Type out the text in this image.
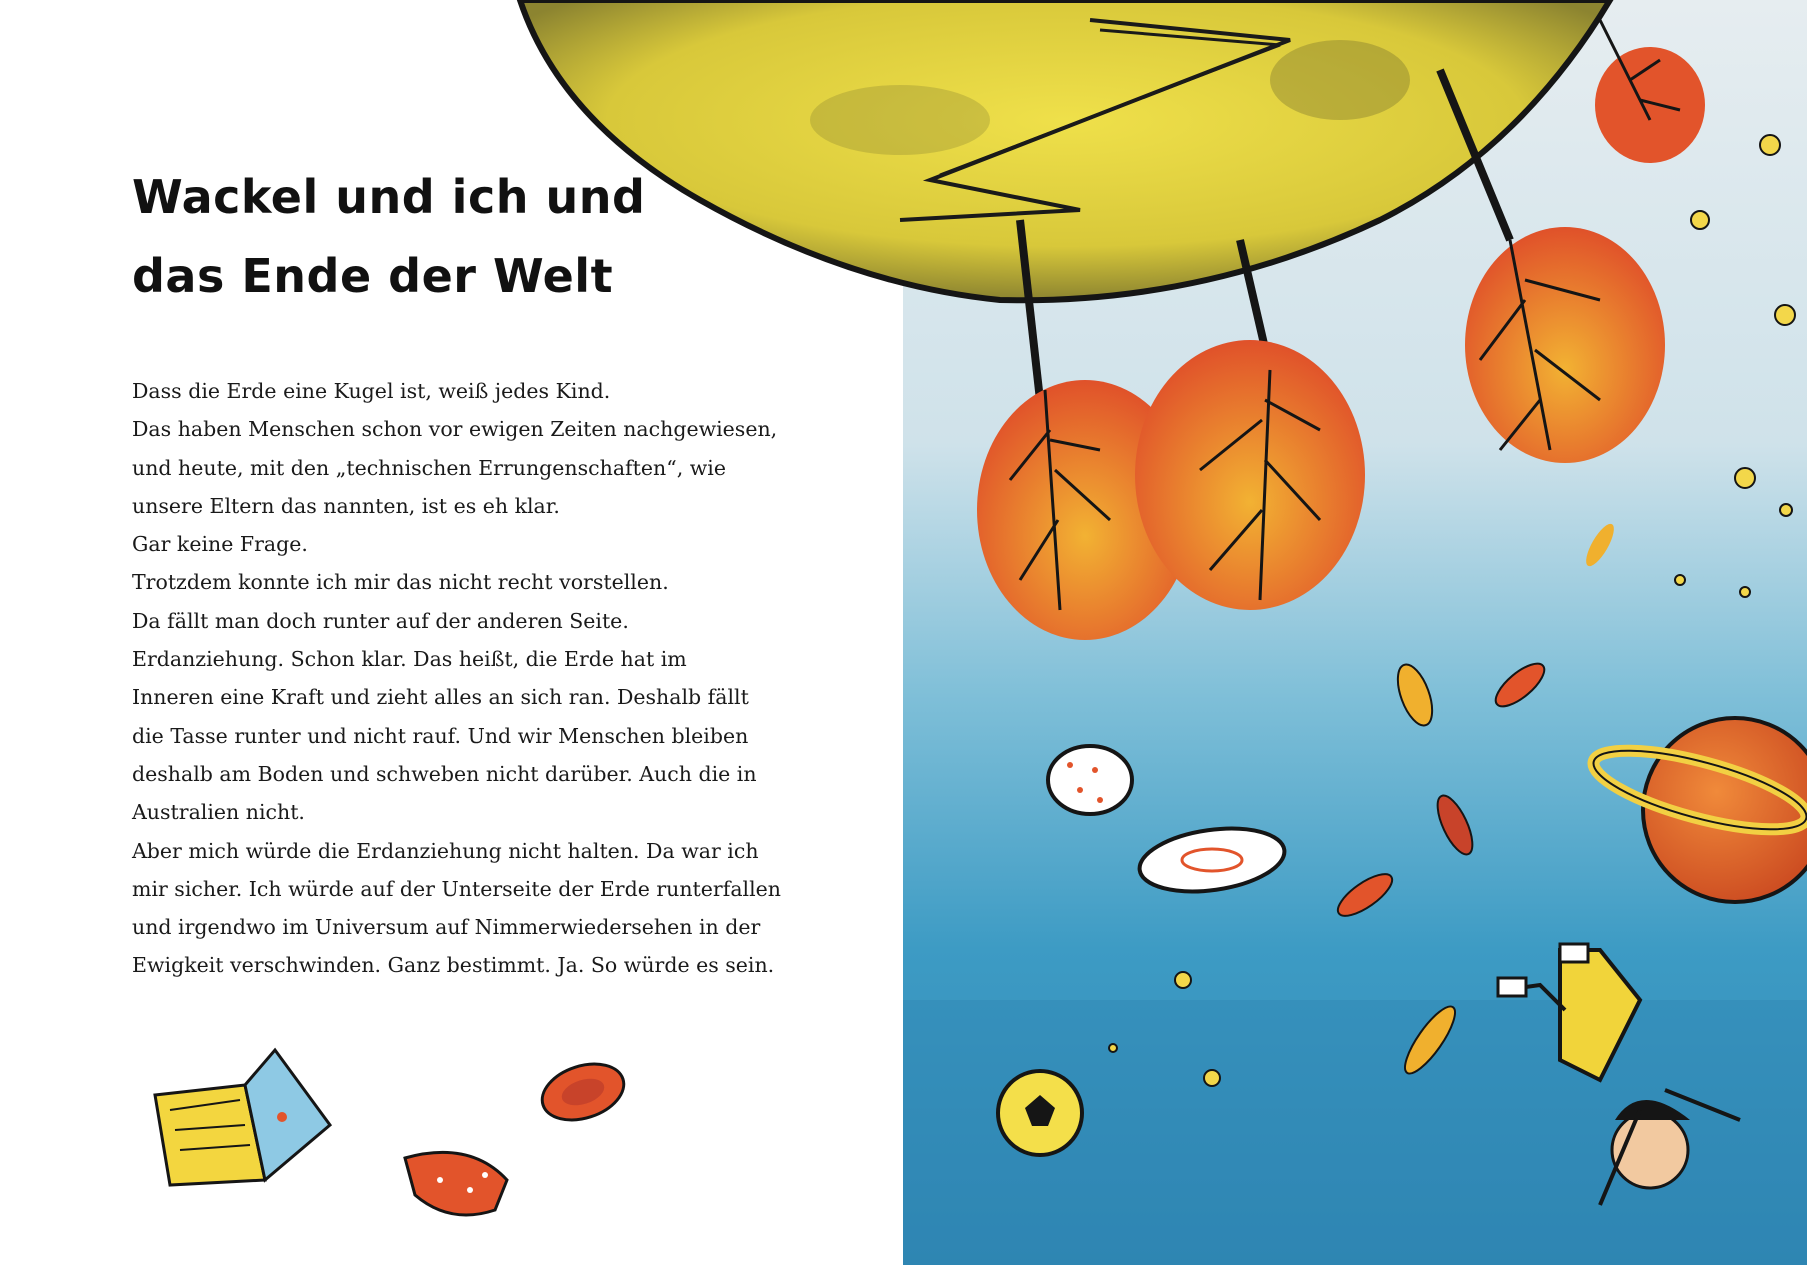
Wackel und ich und
das Ende der Welt
Dass die Erde eine Kugel ist, weiß jedes Kind.
Das haben Menschen schon vor ewigen Zeiten nachgewiesen,
und heute, mit den „technischen Errungenschaften“, wie
unsere Eltern das nannten, ist es eh klar.
Gar keine Frage.
Trotzdem konnte ich mir das nicht recht vorstellen.
Da fällt man doch runter auf der anderen Seite.
Erdanziehung. Schon klar. Das heißt, die Erde hat im
Inneren eine Kraft und zieht alles an sich ran. Deshalb fällt
die Tasse runter und nicht rauf. Und wir Menschen bleiben
deshalb am Boden und schweben nicht darüber. Auch die in
Australien nicht.
Aber mich würde die Erdanziehung nicht halten. Da war ich
mir sicher. Ich würde auf der Unterseite der Erde runterfallen
und irgendwo im Universum auf Nimmerwiedersehen in der
Ewigkeit verschwinden. Ganz bestimmt. Ja. So würde es sein.
